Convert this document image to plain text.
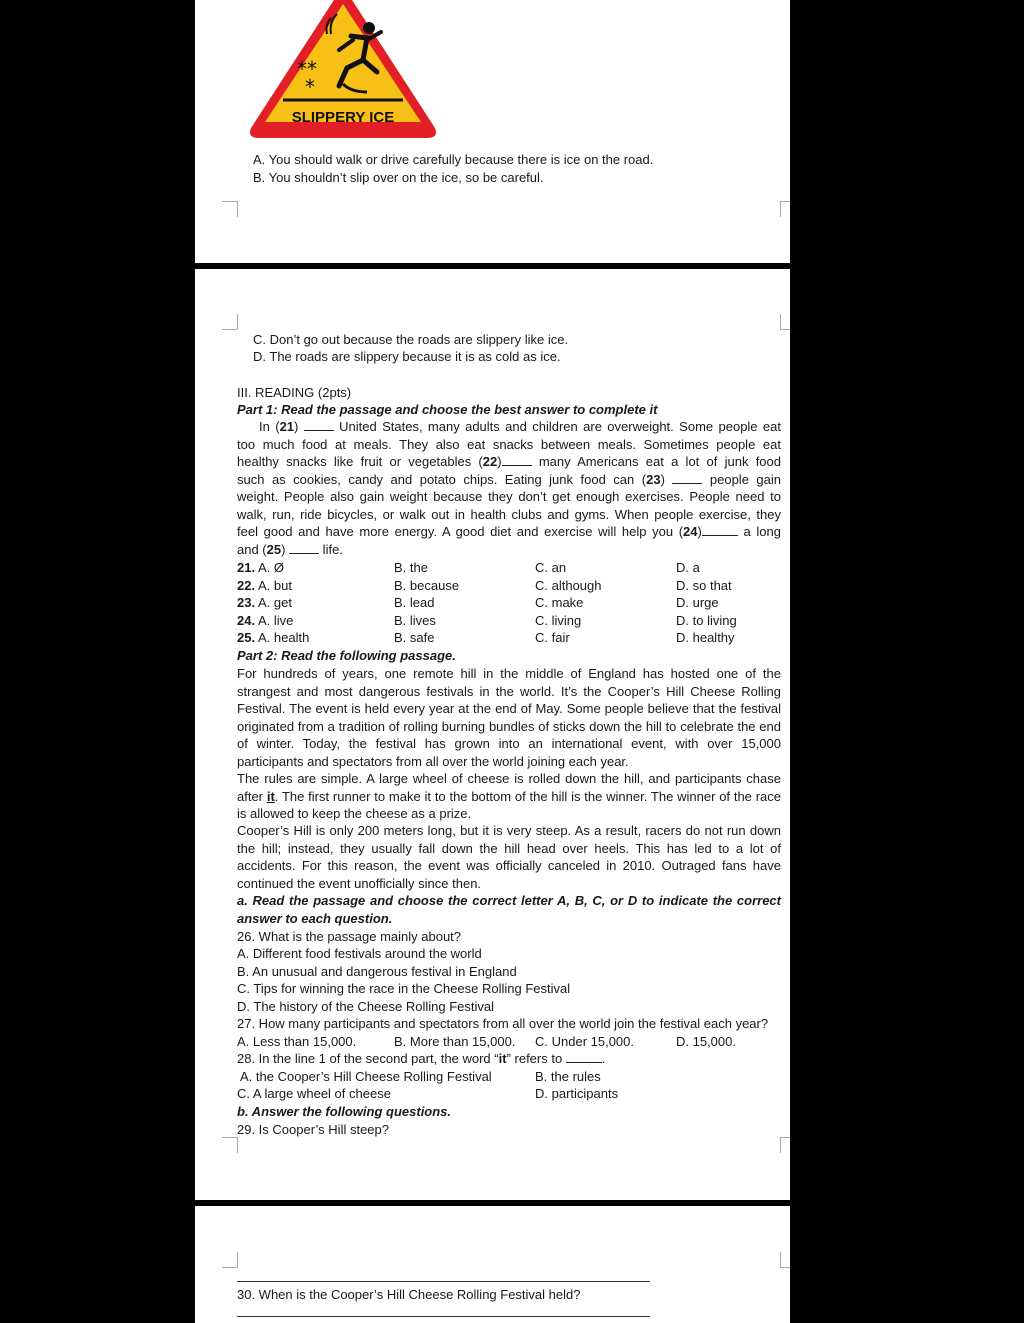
**
*
SLIPPERY ICE
A. You should walk or drive carefully because there is ice on the road.
B. You shouldn’t slip over on the ice, so be careful.
C. Don’t go out because the roads are slippery like ice.
D. The roads are slippery because it is as cold as ice.
III. READING (2pts)
Part 1: Read the passage and choose the best answer to complete it
In (21)  United States, many adults and children are overweight. Some people eat
too much food at meals. They also eat snacks between meals. Sometimes people eat
healthy snacks like fruit or vegetables (22) many Americans eat a lot of junk food
such as cookies, candy and potato chips. Eating junk food can (23)  people gain
weight. People also gain weight because they don’t get enough exercises. People need to
walk, run, ride bicycles, or walk out in health clubs and gyms. When people exercise, they
feel good and have more energy. A good diet and exercise will help you (24)	a long
and (25)  life.
21. A. Ø	B. the	C. an	D. a
22. A. but	B. because	C. although	D. so that
23. A. get	B. lead	C. make	D. urge
24. A. live	B. lives	C. living	D. to living
25. A. health	B. safe	C. fair	D. healthy
Part 2: Read the following passage.
For hundreds of years, one remote hill in the middle of England has hosted one of the strangest and most dangerous festivals in the world. It’s the Cooper’s Hill Cheese Rolling Festival. The event is held every year at the end of May. Some people believe that the festival originated from a tradition of rolling burning bundles of sticks down the hill to celebrate the end of winter. Today, the festival has grown into an international event, with over 15,000 participants and spectators from all over the world joining each year.
The rules are simple. A large wheel of cheese is rolled down the hill, and participants chase after it. The first runner to make it to the bottom of the hill is the winner. The winner of the race is allowed to keep the cheese as a prize.
Cooper’s Hill is only 200 meters long, but it is very steep. As a result, racers do not run down the hill; instead, they usually fall down the hill head over heels. This has led to a lot of accidents. For this reason, the event was officially canceled in 2010. Outraged fans have continued the event unofficially since then.
a. Read the passage and choose the correct letter A, B, C, or D to indicate the correct answer to each question.
26. What is the passage mainly about?
A. Different food festivals around the world
B. An unusual and dangerous festival in England
C. Tips for winning the race in the Cheese Rolling Festival
D. The history of the Cheese Rolling Festival
27. How many participants and spectators from all over the world join the festival each year?
A. Less than 15,000.	B. More than 15,000. C. Under 15,000.	D. 15,000.
28. In the line 1 of the second part, the word “it” refers to	.
A. the Cooper’s Hill Cheese Rolling Festival	B. the rules
C. A large wheel of cheese	D. participants
b. Answer the following questions.
29. Is Cooper’s Hill steep?
30. When is the Cooper’s Hill Cheese Rolling Festival held?
